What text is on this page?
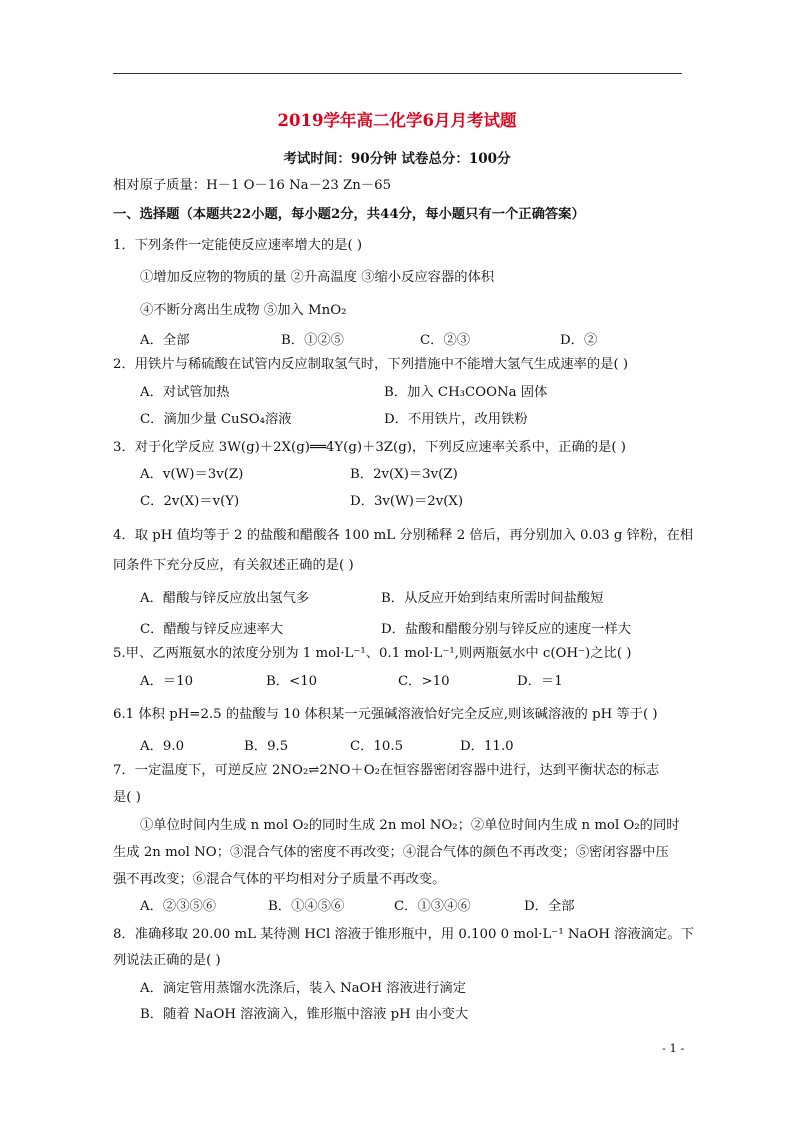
2019学年高二化学6月月考试题
考试时间：90分钟 试卷总分：100分
相对原子质量：H－1 O－16 Na－23 Zn－65
一、选择题（本题共22小题，每小题2分，共44分，每小题只有一个正确答案）
1．下列条件一定能使反应速率增大的是( )
①增加反应物的物质的量 ②升高温度 ③缩小反应容器的体积
④不断分离出生成物 ⑤加入 MnO₂
A．全部	B．①②⑤	C．②③	D．②
2．用铁片与稀硫酸在试管内反应制取氢气时，下列措施中不能增大氢气生成速率的是( )
A．对试管加热	B．加入 CH₃COONa 固体
C．滴加少量 CuSO₄溶液	D．不用铁片，改用铁粉
3．对于化学反应 3W(g)＋2X(g)══4Y(g)＋3Z(g)，下列反应速率关系中，正确的是( )
A．v(W)＝3v(Z)	B．2v(X)＝3v(Z)
C．2v(X)＝v(Y)	D．3v(W)＝2v(X)
4．取 pH 值均等于 2 的盐酸和醋酸各 100 mL 分别稀释 2 倍后，再分别加入 0.03 g 锌粉，在相
同条件下充分反应，有关叙述正确的是( )
A．醋酸与锌反应放出氢气多	B．从反应开始到结束所需时间盐酸短
C．醋酸与锌反应速率大	D．盐酸和醋酸分别与锌反应的速度一样大
5.甲、乙两瓶氨水的浓度分别为 1 mol·L⁻¹、0.1 mol·L⁻¹,则两瓶氨水中 c(OH⁻)之比( )
A．＝10	B．<10	C．>10	D．＝1
6.1 体积 pH=2.5 的盐酸与 10 体积某一元强碱溶液恰好完全反应,则该碱溶液的 pH 等于( )
A．9.0	B．9.5	C．10.5	D．11.0
7．一定温度下，可逆反应 2NO₂⇌2NO＋O₂在恒容器密闭容器中进行，达到平衡状态的标志
是( )
①单位时间内生成 n mol O₂的同时生成 2n mol NO₂；②单位时间内生成 n mol O₂的同时
生成 2n mol NO；③混合气体的密度不再改变；④混合气体的颜色不再改变；⑤密闭容器中压
强不再改变；⑥混合气体的平均相对分子质量不再改变。
A．②③⑤⑥	B．①④⑤⑥	C．①③④⑥	D．全部
8．准确移取 20.00 mL 某待测 HCl 溶液于锥形瓶中，用 0.100 0 mol·L⁻¹ NaOH 溶液滴定。下
列说法正确的是( )
A．滴定管用蒸馏水洗涤后，装入 NaOH 溶液进行滴定
B．随着 NaOH 溶液滴入，锥形瓶中溶液 pH 由小变大
- 1 -
